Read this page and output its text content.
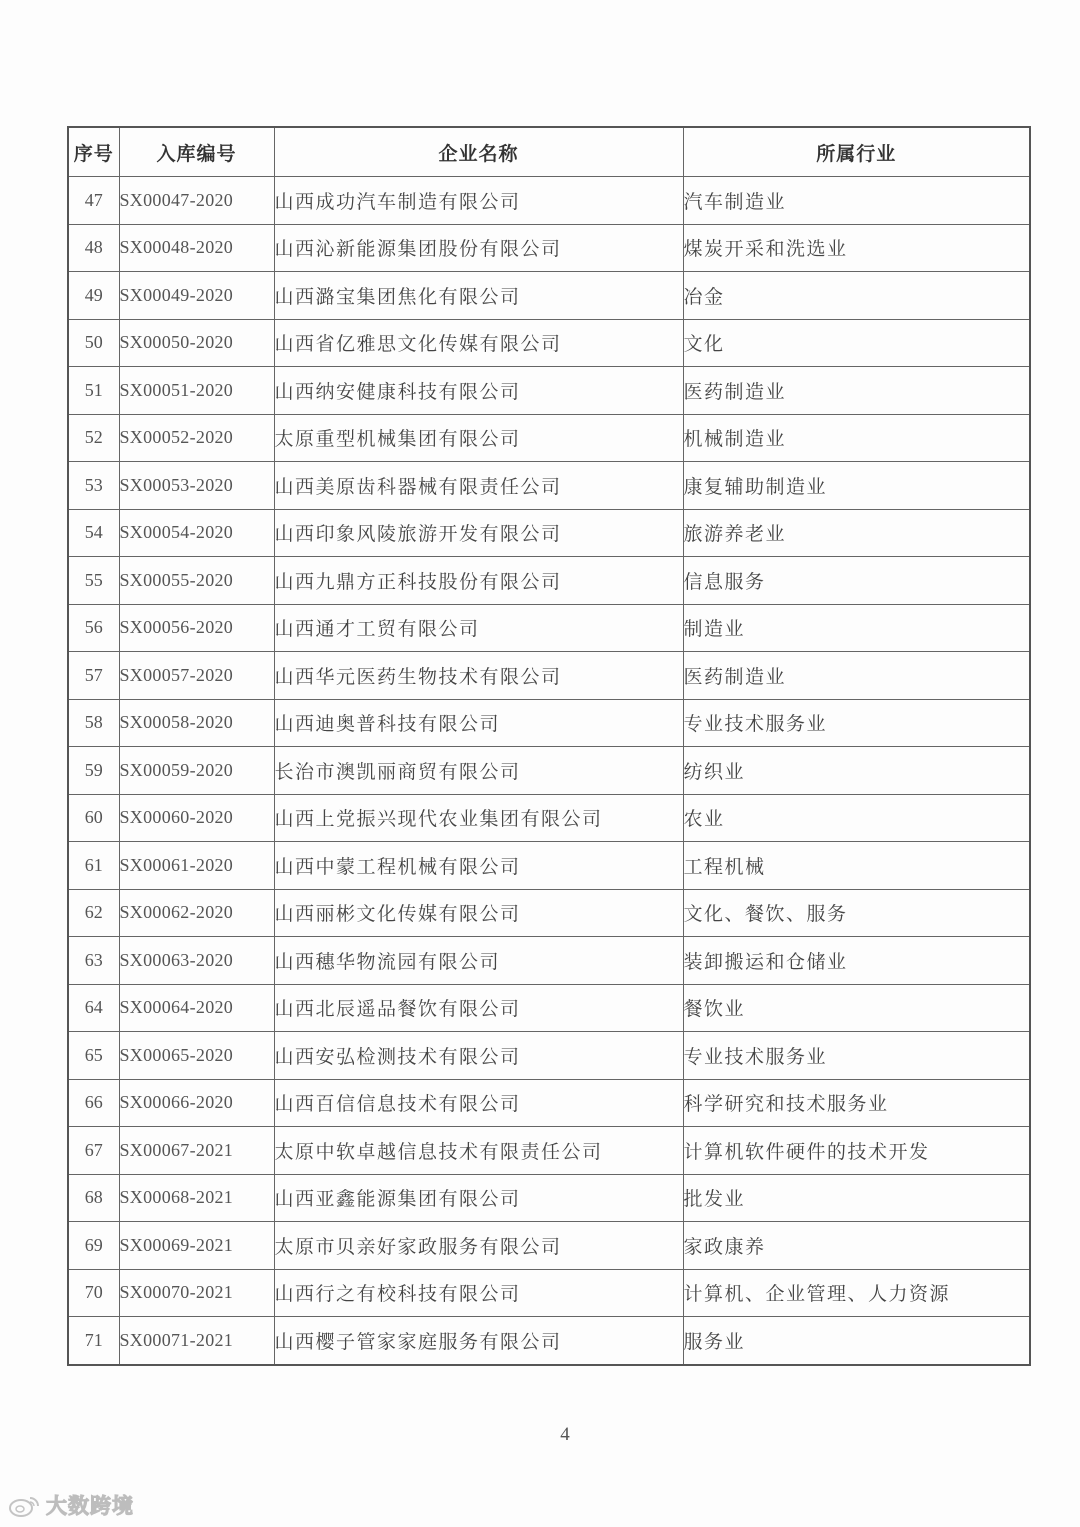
序号	入库编号	企业名称	所属行业
47	SX00047-2020	山西成功汽车制造有限公司	汽车制造业
48	SX00048-2020	山西沁新能源集团股份有限公司	煤炭开采和洗选业
49	SX00049-2020	山西潞宝集团焦化有限公司	冶金
50	SX00050-2020	山西省亿雅思文化传媒有限公司	文化
51	SX00051-2020	山西纳安健康科技有限公司	医药制造业
52	SX00052-2020	太原重型机械集团有限公司	机械制造业
53	SX00053-2020	山西美原齿科器械有限责任公司	康复辅助制造业
54	SX00054-2020	山西印象风陵旅游开发有限公司	旅游养老业
55	SX00055-2020	山西九鼎方正科技股份有限公司	信息服务
56	SX00056-2020	山西通才工贸有限公司	制造业
57	SX00057-2020	山西华元医药生物技术有限公司	医药制造业
58	SX00058-2020	山西迪奥普科技有限公司	专业技术服务业
59	SX00059-2020	长治市澳凯丽商贸有限公司	纺织业
60	SX00060-2020	山西上党振兴现代农业集团有限公司	农业
61	SX00061-2020	山西中蒙工程机械有限公司	工程机械
62	SX00062-2020	山西丽彬文化传媒有限公司	文化、餐饮、服务
63	SX00063-2020	山西穗华物流园有限公司	装卸搬运和仓储业
64	SX00064-2020	山西北辰遥品餐饮有限公司	餐饮业
65	SX00065-2020	山西安弘检测技术有限公司	专业技术服务业
66	SX00066-2020	山西百信信息技术有限公司	科学研究和技术服务业
67	SX00067-2021	太原中软卓越信息技术有限责任公司	计算机软件硬件的技术开发
68	SX00068-2021	山西亚鑫能源集团有限公司	批发业
69	SX00069-2021	太原市贝亲好家政服务有限公司	家政康养
70	SX00070-2021	山西行之有校科技有限公司	计算机、企业管理、人力资源
71	SX00071-2021	山西樱子管家家庭服务有限公司	服务业
4
大数跨境
